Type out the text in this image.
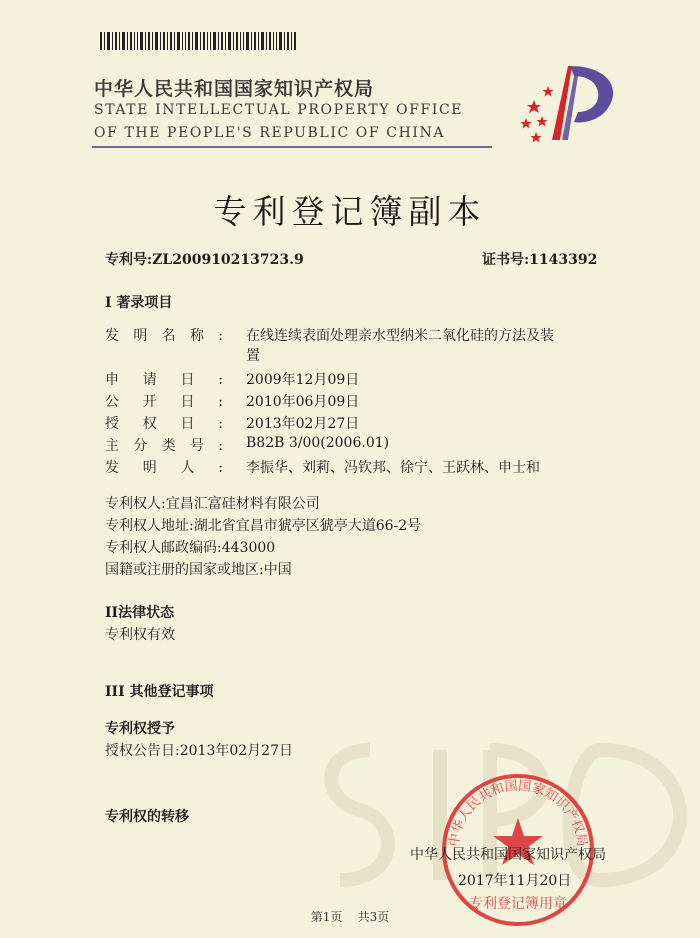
中华人民共和国国家知识产权局
STATE INTELLECTUAL PROPERTY OFFICE
OF THE PEOPLE'S REPUBLIC OF CHINA
专利登记簿副本
专利号:ZL200910213723.9	证书号:1143392
I 著录项目
发明名称: 在线连续表面处理亲水型纳米二氧化硅的方法及装
置
申请日: 2009年12月09日
公开日: 2010年06月09日
授权日: 2013年02月27日
主分类号: B82B 3/00(2006.01)
发明人: 李振华、刘莉、冯钦邦、徐宁、王跃林、申士和
专利权人:宜昌汇富硅材料有限公司
专利权人地址:湖北省宜昌市猇亭区猇亭大道66-2号
专利权人邮政编码:443000
国籍或注册的国家或地区:中国
II法律状态
专利权有效
III 其他登记事项
专利权授予
授权公告日:2013年02月27日
专利权的转移
中华人民共和国国家知识产权局
专利登记簿用章
中华人民共和国国家知识产权局
2017年11月20日
第1页 共3页
